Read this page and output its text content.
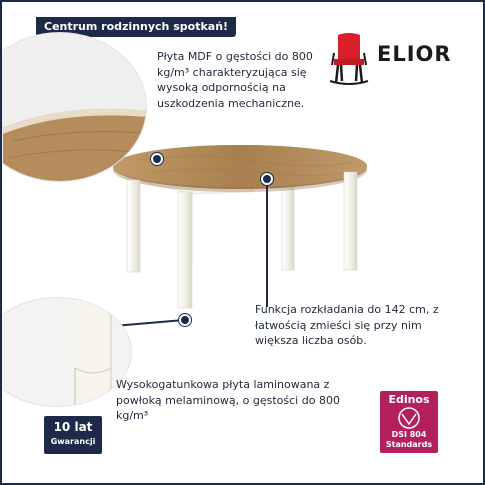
Centrum rodzinnych spotkań!

Płyta MDF o gęstości do 800 kg/m³ charakteryzująca się wysoką odpornością na uszkodzenia mechaniczne.

Funkcja rozkładania do 142 cm, z łatwością zmieści się przy nim większa liczba osób.

Wysokogatunkowa płyta laminowana z powłoką melaminową, o gęstości do 800 kg/m³

ELIOR
10 lat
Gwarancji
Edinos
DSI 804
Standards
